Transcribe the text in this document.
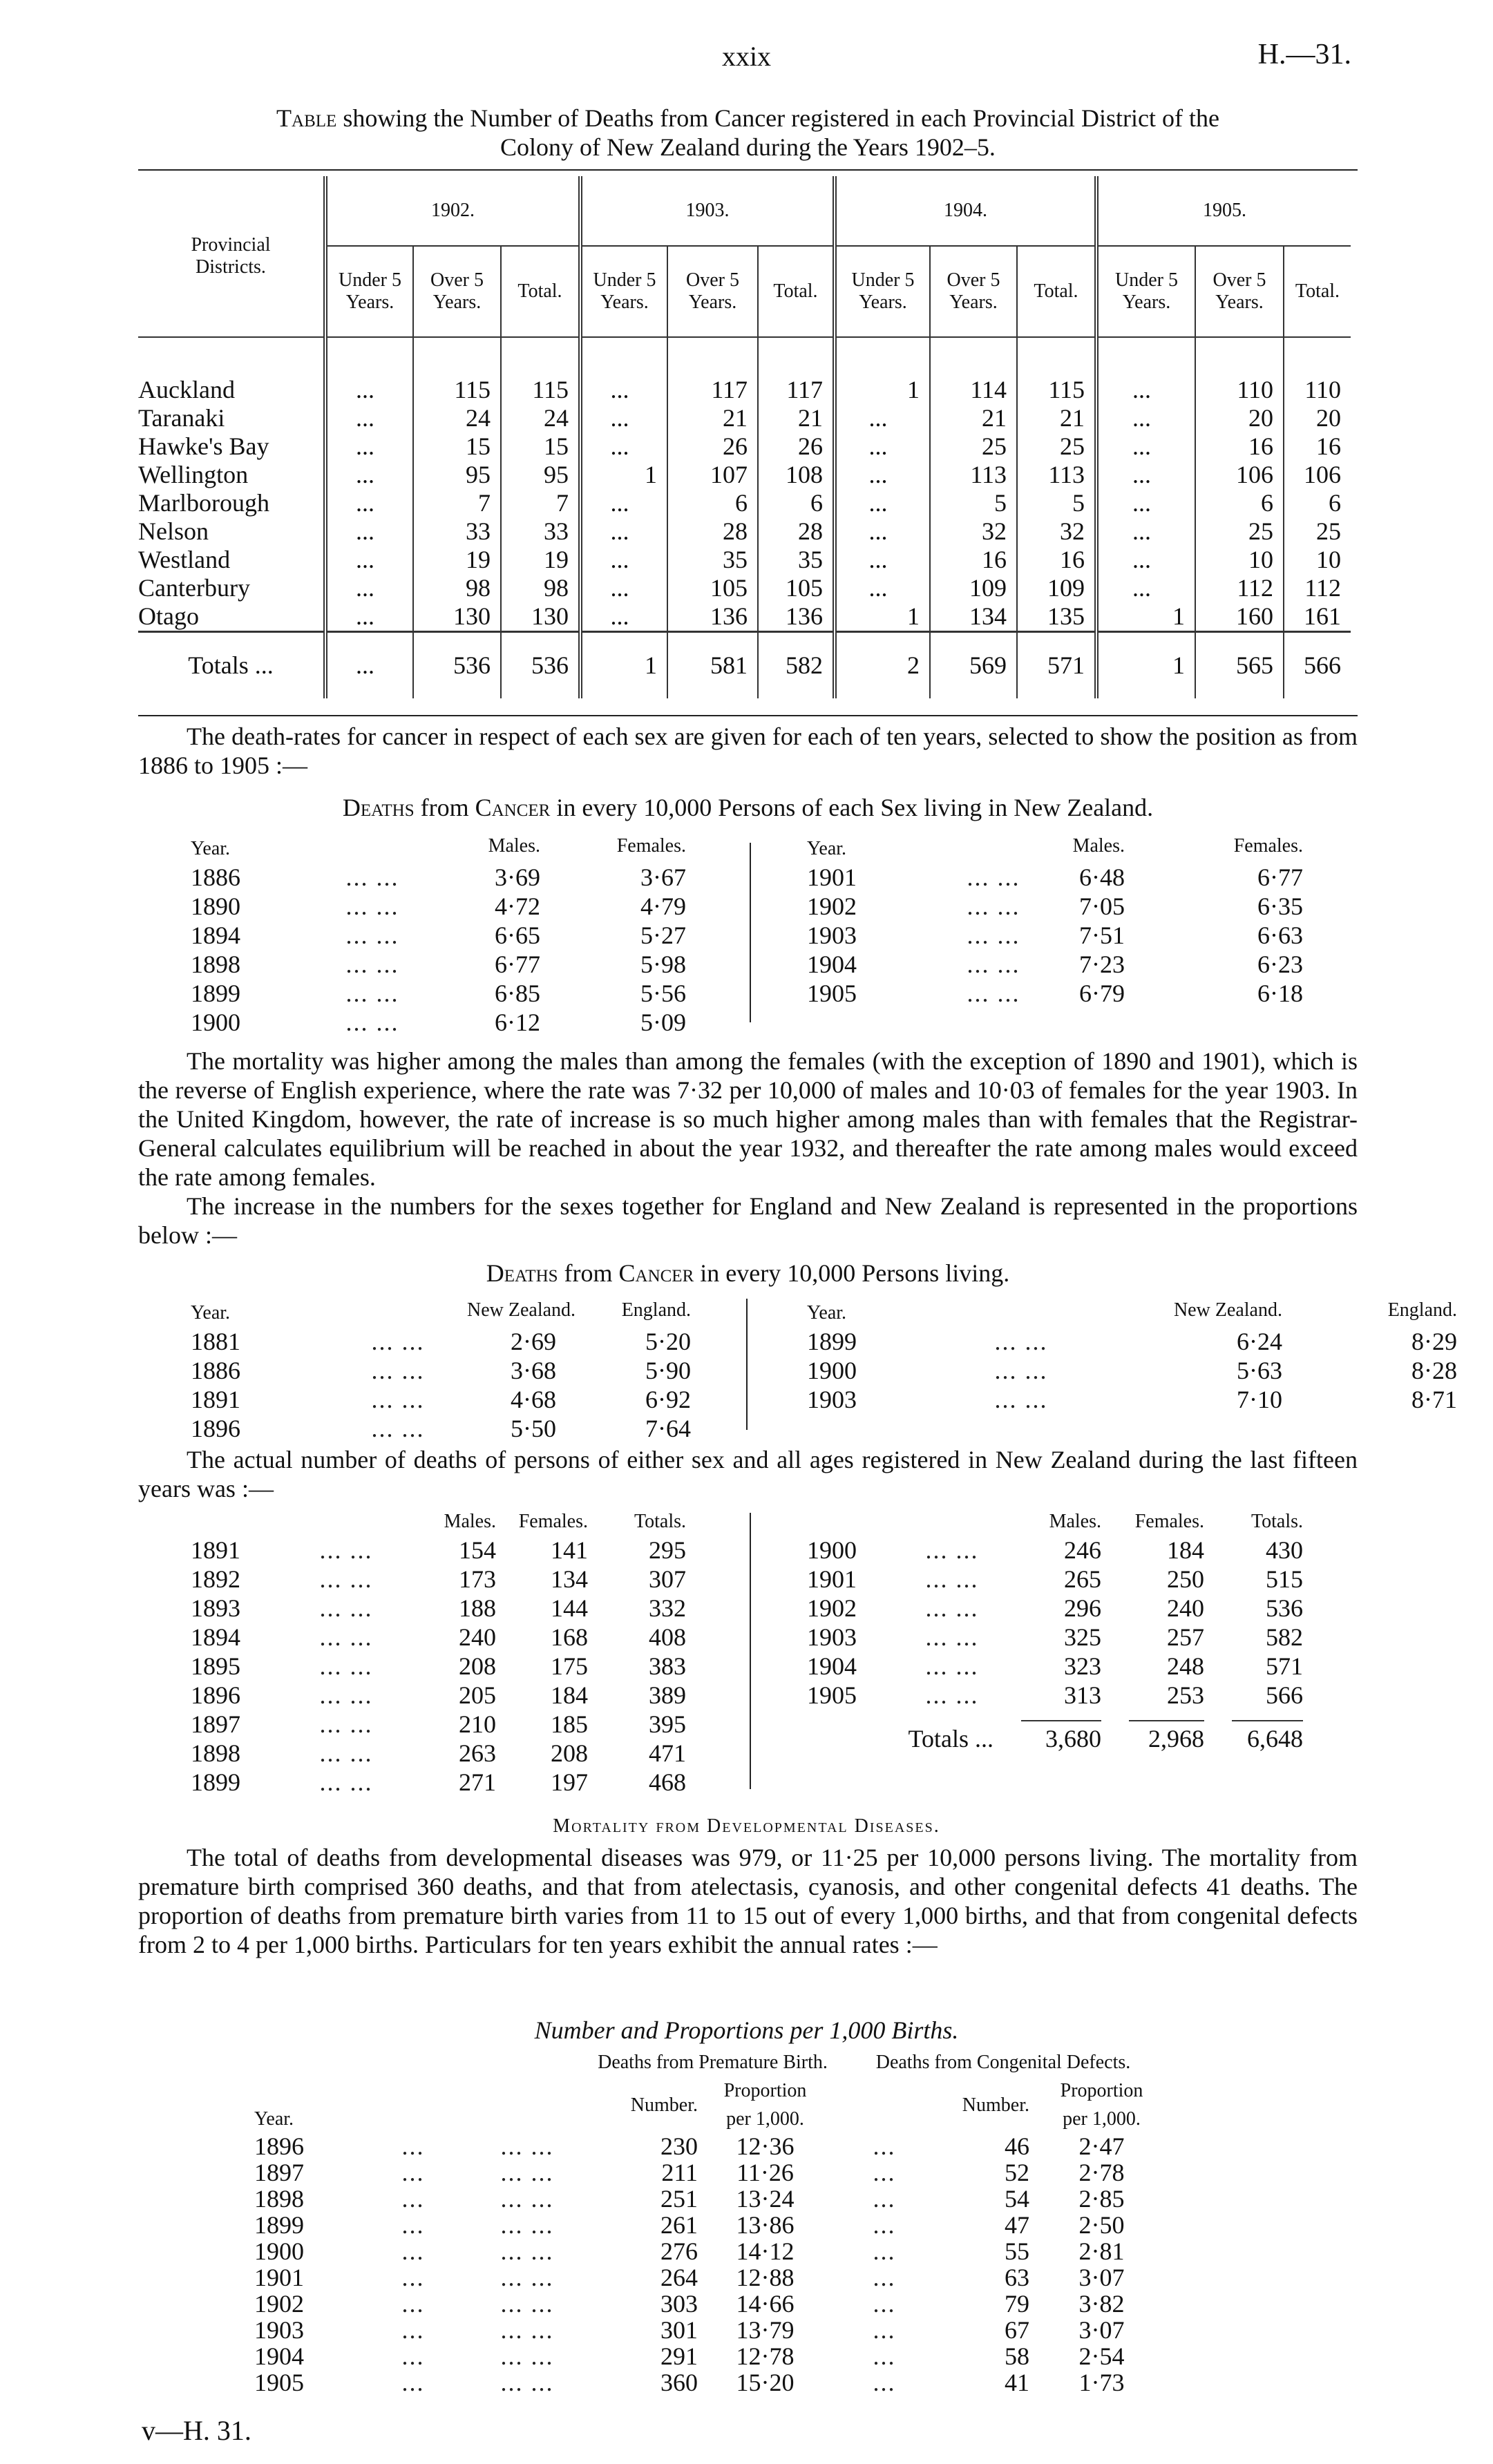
xxix	H.—31.
Table showing the Number of Deaths from Cancer registered in each Provincial District of the
Colony of New Zealand during the Years 1902–5.
Provincial Districts.	1902.			1903.			1904.			1905.		
	Under 5 Years.	Over 5 Years.	Total.	Under 5 Years.	Over 5 Years.	Total.	Under 5 Years.	Over 5 Years.	Total.	Under 5 Years.	Over 5 Years.	Total.

Auckland	...	115	115	...	117	117	1	114	115	...	110	110
Taranaki	...	24	24	...	21	21	...	21	21	...	20	20
Hawke's Bay	...	15	15	...	26	26	...	25	25	...	16	16
Wellington	...	95	95	1	107	108	...	113	113	...	106	106
Marlborough	...	7	7	...	6	6	...	5	5	...	6	6
Nelson	...	33	33	...	28	28	...	32	32	...	25	25
Westland	...	19	19	...	35	35	...	16	16	...	10	10
Canterbury	...	98	98	...	105	105	...	109	109	...	112	112
Otago	...	130	130	...	136	136	1	134	135	1	160	161
Totals ...	...	536	536	1	581	582	2	569	571	1	565	566

The death-rates for cancer in respect of each sex are given for each of ten years, selected to show the position as from 1886 to 1905 :—

Deaths from Cancer in every 10,000 Persons of each Sex living in New Zealand.
Year.		Males.	Females.
1886	... ...	3·69	3·67
1890	... ...	4·72	4·79
1894	... ...	6·65	5·27
1898	... ...	6·77	5·98
1899	... ...	6·85	5·56
1900	... ...	6·12	5·09
Year.		Males.	Females.
1901	... ...	6·48	6·77
1902	... ...	7·05	6·35
1903	... ...	7·51	6·63
1904	... ...	7·23	6·23
1905	... ...	6·79	6·18

The mortality was higher among the males than among the females (with the exception of 1890 and 1901), which is the reverse of English experience, where the rate was 7·32 per 10,000 of males and 10·03 of females for the year 1903. In the United Kingdom, however, the rate of increase is so much higher among males than with females that the Registrar-General calculates equilibrium will be reached in about the year 1932, and thereafter the rate among males would exceed the rate among females.

The increase in the numbers for the sexes together for England and New Zealand is represented in the proportions below :—

Deaths from Cancer in every 10,000 Persons living.
Year.		New Zealand.	England.
1881	... ...	2·69	5·20
1886	... ...	3·68	5·90
1891	... ...	4·68	6·92
1896	... ...	5·50	7·64
Year.		New Zealand.	England.
1899	... ...	6·24	8·29
1900	... ...	5·63	8·28
1903	... ...	7·10	8·71

The actual number of deaths of persons of either sex and all ages registered in New Zealand during the last fifteen years was :—

		Males.	Females.	Totals.
1891	... ...	154	141	295
1892	... ...	173	134	307
1893	... ...	188	144	332
1894	... ...	240	168	408
1895	... ...	208	175	383
1896	... ...	205	184	389
1897	... ...	210	185	395
1898	... ...	263	208	471
1899	... ...	271	197	468
		Males.	Females.	Totals.
1900	... ...	246	184	430
1901	... ...	265	250	515
1902	... ...	296	240	536
1903	... ...	325	257	582
1904	... ...	323	248	571
1905	... ...	313	253	566

Totals ...		3,680	2,968	6,648
Mortality from Developmental Diseases.

The total of deaths from developmental diseases was 979, or 11·25 per 10,000 persons living. The mortality from premature birth comprised 360 deaths, and that from atelectasis, cyanosis, and other congenital defects 41 deaths. The proportion of deaths from premature birth varies from 11 to 15 out of every 1,000 births, and that from congenital defects from 2 to 4 per 1,000 births. Particulars for ten years exhibit the annual rates :—

Number and Proportions per 1,000 Births.
			Deaths from Premature Birth.		Deaths from Congenital Defects.		
Year.			Number.	Proportion
per 1,000.		Number.	Proportion
per 1,000.
1896	...	... ...	230	12·36	...	46	2·47
1897	...	... ...	211	11·26	...	52	2·78
1898	...	... ...	251	13·24	...	54	2·85
1899	...	... ...	261	13·86	...	47	2·50
1900	...	... ...	276	14·12	...	55	2·81
1901	...	... ...	264	12·88	...	63	3·07
1902	...	... ...	303	14·66	...	79	3·82
1903	...	... ...	301	13·79	...	67	3·07
1904	...	... ...	291	12·78	...	58	2·54
1905	...	... ...	360	15·20	...	41	1·73
v—H. 31.
